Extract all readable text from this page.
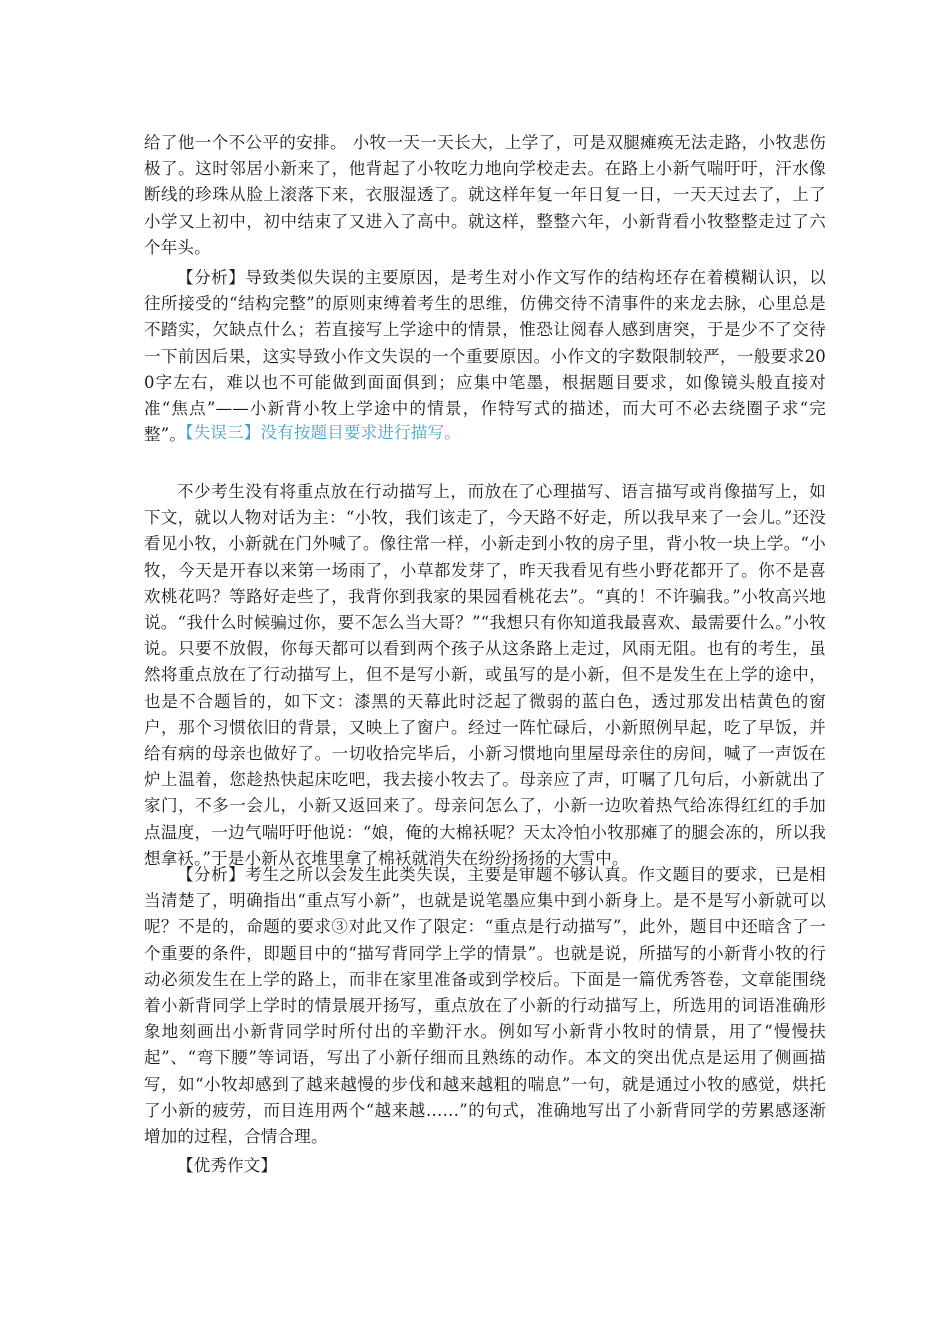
给了他一个不公平的安排。 小牧一天一天长大，上学了，可是双腿瘫痪无法走路，小牧悲伤极了。这时邻居小新来了，他背起了小牧吃力地向学校走去。在路上小新气喘吁吁，汗水像断线的珍珠从脸上滚落下来，衣服湿透了。就这样年复一年日复一日，一天天过去了，上了小学又上初中，初中结束了又进入了高中。就这样，整整六年，小新背看小牧整整走过了六个年头。

【分析】导致类似失误的主要原因，是考生对小作文写作的结构坯存在着模糊认识，以往所接受的“结构完整”的原则束缚着考生的思维，仿佛交待不清事件的来龙去脉，心里总是不踏实，欠缺点什么；若直接写上学途中的情景，惟恐让阅春人感到唐突，于是少不了交待一下前因后果，这实导致小作文失误的一个重要原因。小作文的字数限制较严，一般要求200字左右，难以也不可能做到面面俱到；应集中笔墨，根据题目要求，如像镜头般直接对准“焦点”——小新背小牧上学途中的情景，作特写式的描述，而大可不必去绕圈子求“完整”。

【失误三】没有按题目要求进行描写。

不少考生没有将重点放在行动描写上，而放在了心理描写、语言描写或肖像描写上，如下文，就以人物对话为主：“小牧，我们该走了，今天路不好走，所以我早来了一会儿。”还没看见小牧，小新就在门外喊了。像往常一样，小新走到小牧的房子里，背小牧一块上学。“小牧，今天是开春以来第一场雨了，小草都发芽了，昨天我看见有些小野花都开了。你不是喜欢桃花吗？等路好走些了，我背你到我家的果园看桃花去”。“真的！不许骗我。”小牧高兴地说。“我什么时候骗过你，要不怎么当大哥？”“我想只有你知道我最喜欢、最需要什么。”小牧说。只要不放假，你每天都可以看到两个孩子从这条路上走过，风雨无阻。也有的考生，虽然将重点放在了行动描写上，但不是写小新，或虽写的是小新，但不是发生在上学的途中，也是不合题旨的，如下文：漆黑的天幕此时泛起了微弱的蓝白色，透过那发出桔黄色的窗户，那个习惯依旧的背景，又映上了窗户。经过一阵忙碌后，小新照例早起，吃了早饭，并给有病的母亲也做好了。一切收拾完毕后，小新习惯地向里屋母亲住的房间，喊了一声饭在炉上温着，您趁热快起床吃吧，我去接小牧去了。母亲应了声，叮嘱了几句后，小新就出了家门，不多一会儿，小新又返回来了。母亲问怎么了，小新一边吹着热气给冻得红红的手加点温度，一边气喘吁吁他说：“娘，俺的大棉袄呢？天太冷怕小牧那瘫了的腿会冻的，所以我想拿袄。”于是小新从衣堆里拿了棉袄就消失在纷纷扬扬的大雪中。

【分析】考生之所以会发生此类失误，主要是审题不够认真。作文题目的要求，已是相当清楚了，明确指出“重点写小新”，也就是说笔墨应集中到小新身上。是不是写小新就可以呢？不是的，命题的要求③对此又作了限定：“重点是行动描写”，此外，题目中还暗含了一个重要的条件，即题目中的“描写背同学上学的情景”。也就是说，所描写的小新背小牧的行动必须发生在上学的路上，而非在家里准备或到学校后。下面是一篇优秀答卷，文章能围绕着小新背同学上学时的情景展开扬写，重点放在了小新的行动描写上，所选用的词语准确形象地刻画出小新背同学时所付出的辛勤汗水。例如写小新背小牧时的情景，用了“慢慢扶起”、“弯下腰”等词语，写出了小新仔细而且熟练的动作。本文的突出优点是运用了侧画描写，如“小牧却感到了越来越慢的步伐和越来越粗的喘息”一句，就是通过小牧的感觉，烘托了小新的疲劳，而目连用两个“越来越……”的句式，准确地写出了小新背同学的劳累感逐渐增加的过程，合情合理。

【优秀作文】
